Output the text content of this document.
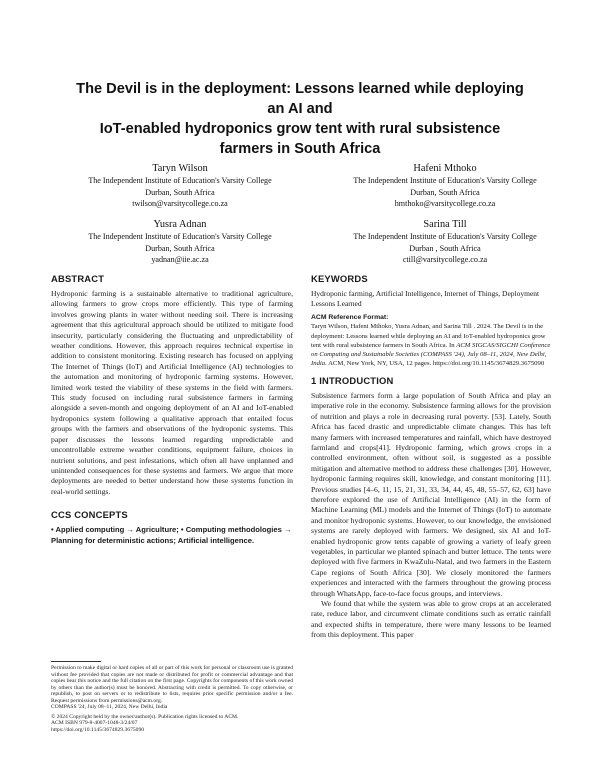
The Devil is in the deployment: Lessons learned while deploying
an AI and
IoT-enabled hydroponics grow tent with rural subsistence
farmers in South Africa
Taryn Wilson
The Independent Institute of Education's Varsity College
Durban, South Africa
twilson@varsitycollege.co.za
Hafeni Mthoko
The Independent Institute of Education's Varsity College
Durban, South Africa
hmthoko@varsitycollege.co.za
Yusra Adnan
The Independent Institute of Education's Varsity College
Durban, South Africa
yadnan@iie.ac.za
Sarina Till
The Independent Institute of Education's Varsity College
Durban , South Africa
ctill@varsitycollege.co.za
ABSTRACT

Hydroponic farming is a sustainable alternative to traditional agriculture, allowing farmers to grow crops more efficiently. This type of farming involves growing plants in water without needing soil. There is increasing agreement that this agricultural approach should be utilized to mitigate food insecurity, particularly considering the fluctuating and unpredictability of weather conditions. However, this approach requires technical expertise in addition to consistent monitoring. Existing research has focused on applying The Internet of Things (IoT) and Artificial Intelligence (AI) technologies to the automation and monitoring of hydroponic farming systems. However, limited work tested the viability of these systems in the field with farmers. This study focused on including rural subsistence farmers in farming alongside a seven-month and ongoing deployment of an AI and IoT-enabled hydroponics system following a qualitative approach that entailed focus groups with the farmers and observations of the hydroponic systems. This paper discusses the lessons learned regarding unpredictable and uncontrollable extreme weather conditions, equipment failure, choices in nutrient solutions, and pest infestations, which often all have unplanned and unintended consequences for these systems and farmers. We argue that more deployments are needed to better understand how these systems function in real-world settings.

CCS CONCEPTS

• Applied computing → Agriculture; • Computing methodologies → Planning for deterministic actions; Artificial intelligence.

Permission to make digital or hard copies of all or part of this work for personal or classroom use is granted without fee provided that copies are not made or distributed for profit or commercial advantage and that copies bear this notice and the full citation on the first page. Copyrights for components of this work owned by others than the author(s) must be honored. Abstracting with credit is permitted. To copy otherwise, or republish, to post on servers or to redistribute to lists, requires prior specific permission and/or a fee. Request permissions from permissions@acm.org.

COMPASS '24, July 08–11, 2024, New Delhi, India

© 2024 Copyright held by the owner/author(s). Publication rights licensed to ACM.

ACM ISBN 979-8-4007-1048-3/24/07

https://doi.org/10.1145/3674829.3675090

KEYWORDS

Hydroponic farming, Artificial Intelligence, Internet of Things, Deployment Lessons Learned

ACM Reference Format:

Taryn Wilson, Hafeni Mthoko, Yusra Adnan, and Sarina Till . 2024. The Devil is in the deployment: Lessons learned while deploying an AI and IoT-enabled hydroponics grow tent with rural subsistence farmers in South Africa. In ACM SIGCAS/SIGCHI Conference on Computing and Sustainable Societies (COMPASS '24), July 08–11, 2024, New Delhi, India. ACM, New York, NY, USA, 12 pages. https://doi.org/10.1145/3674829.3675090

1 INTRODUCTION

Subsistence farmers form a large population of South Africa and play an imperative role in the economy. Subsistence farming allows for the provision of nutrition and plays a role in decreasing rural poverty. [53]. Lately, South Africa has faced drastic and unpredictable climate changes. This has left many farmers with increased temperatures and rainfall, which have destroyed farmland and crops[41]. Hydroponic farming, which grows crops in a controlled environment, often without soil, is suggested as a possible mitigation and alternative method to address these challenges [30]. However, hydroponic farming requires skill, knowledge, and constant monitoring [11]. Previous studies [4–6, 11, 15, 21, 31, 33, 34, 44, 45, 48, 55–57, 62, 63] have therefore explored the use of Artificial Intelligence (AI) in the form of Machine Learning (ML) models and the Internet of Things (IoT) to automate and monitor hydroponic systems. However, to our knowledge, the envisioned systems are rarely deployed with farmers. We designed, six AI and IoT-enabled hydroponic grow tents capable of growing a variety of leafy green vegetables, in particular we planted spinach and butter lettuce. The tents were deployed with five farmers in KwaZulu-Natal, and two farmers in the Eastern Cape regions of South Africa [30]. We closely monitored the farmers experiences and interacted with the farmers throughout the growing process through WhatsApp, face-to-face focus groups, and interviews.

We found that while the system was able to grow crops at an accelerated rate, reduce labor, and circumvent climate conditions such as erratic rainfall and expected shifts in temperature, there were many lessons to be learned from this deployment. This paper
